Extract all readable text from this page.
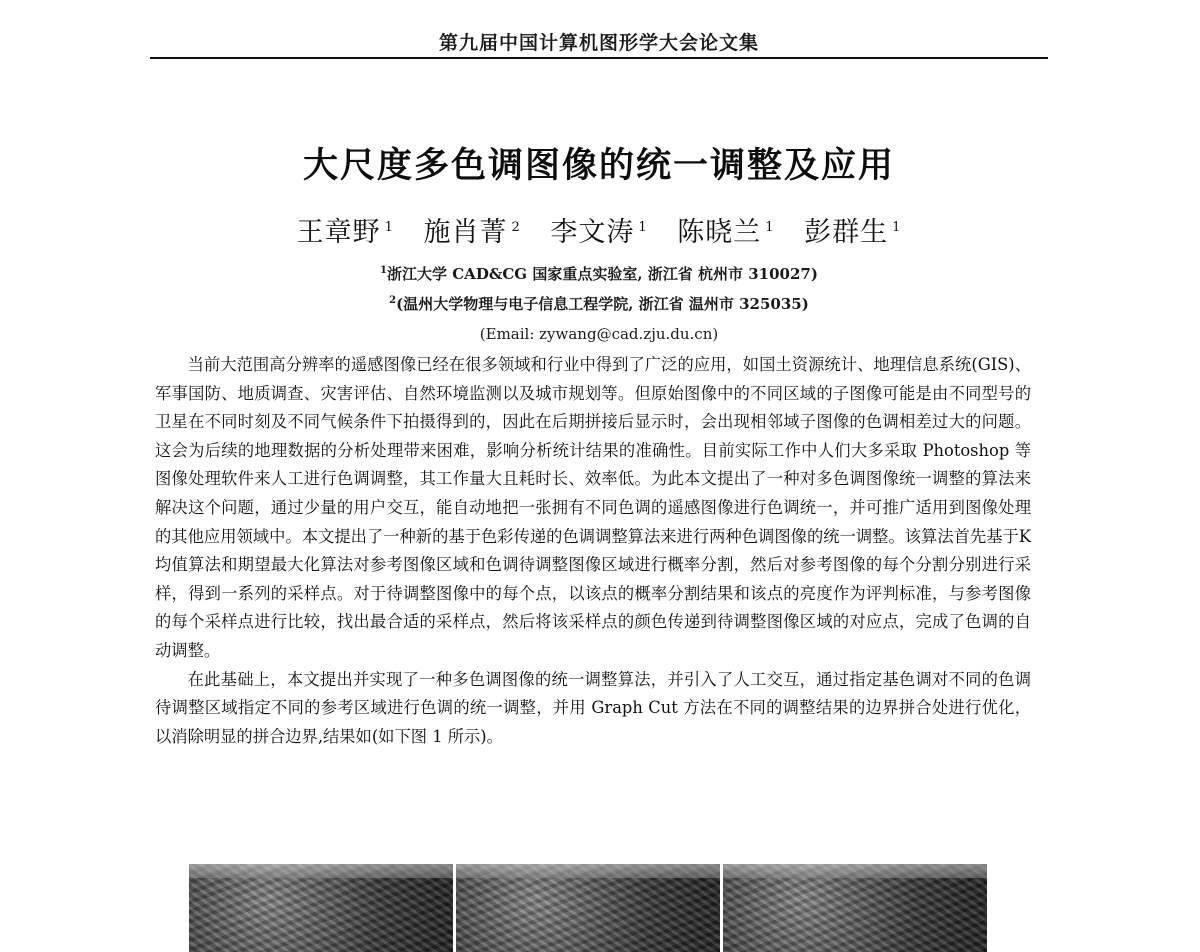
第九届中国计算机图形学大会论文集
大尺度多色调图像的统一调整及应用
王章野 $^1$ 施肖菁 $^2$ 李文涛 $^1$ 陈晓兰 $^1$ 彭群生 $^1$
$^1$浙江大学 CAD&CG 国家重点实验室, 浙江省 杭州市 310027)
$^2$(温州大学物理与电子信息工程学院, 浙江省 温州市 325035)
(Email: zywang@cad.zju.du.cn)

当前大范围高分辨率的遥感图像已经在很多领域和行业中得到了广泛的应用，如国土资源统计、地理信息系统(GIS)、军事国防、地质调查、灾害评估、自然环境监测以及城市规划等。但原始图像中的不同区域的子图像可能是由不同型号的卫星在不同时刻及不同气候条件下拍摄得到的，因此在后期拼接后显示时，会出现相邻域子图像的色调相差过大的问题。这会为后续的地理数据的分析处理带来困难，影响分析统计结果的准确性。目前实际工作中人们大多采取 Photoshop 等图像处理软件来人工进行色调调整，其工作量大且耗时长、效率低。为此本文提出了一种对多色调图像统一调整的算法来解决这个问题，通过少量的用户交互，能自动地把一张拥有不同色调的遥感图像进行色调统一，并可推广适用到图像处理的其他应用领域中。本文提出了一种新的基于色彩传递的色调调整算法来进行两种色调图像的统一调整。该算法首先基于K均值算法和期望最大化算法对参考图像区域和色调待调整图像区域进行概率分割，然后对参考图像的每个分割分别进行采样，得到一系列的采样点。对于待调整图像中的每个点，以该点的概率分割结果和该点的亮度作为评判标准，与参考图像的每个采样点进行比较，找出最合适的采样点，然后将该采样点的颜色传递到待调整图像区域的对应点，完成了色调的自动调整。

在此基础上，本文提出并实现了一种多色调图像的统一调整算法，并引入了人工交互，通过指定基色调对不同的色调待调整区域指定不同的参考区域进行色调的统一调整，并用 Graph Cut 方法在不同的调整结果的边界拼合处进行优化，以消除明显的拼合边界,结果如(如下图 1 所示)。
